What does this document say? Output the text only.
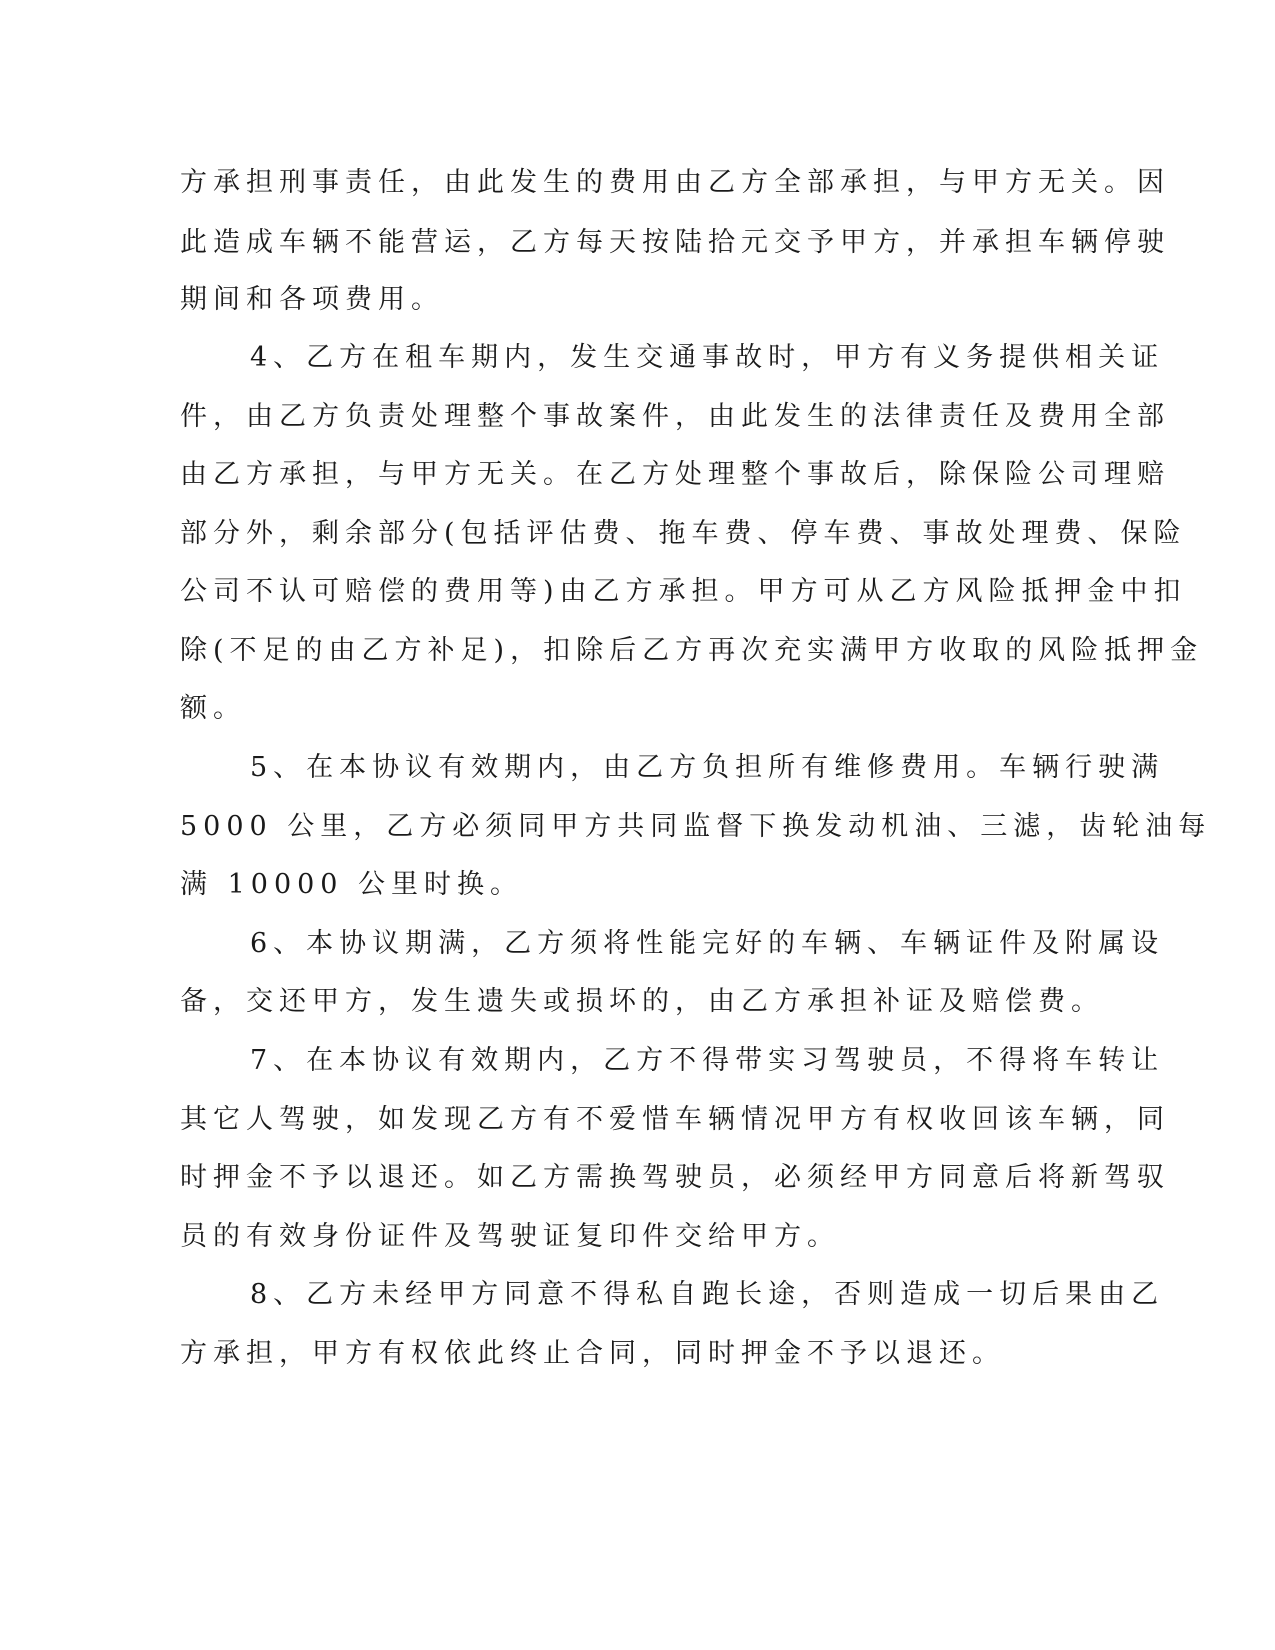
方承担刑事责任，由此发生的费用由乙方全部承担，与甲方无关。因
此造成车辆不能营运，乙方每天按陆拾元交予甲方，并承担车辆停驶
期间和各项费用。
4、乙方在租车期内，发生交通事故时，甲方有义务提供相关证
件，由乙方负责处理整个事故案件，由此发生的法律责任及费用全部
由乙方承担，与甲方无关。在乙方处理整个事故后，除保险公司理赔
部分外，剩余部分(包括评估费、拖车费、停车费、事故处理费、保险
公司不认可赔偿的费用等)由乙方承担。甲方可从乙方风险抵押金中扣
除(不足的由乙方补足)，扣除后乙方再次充实满甲方收取的风险抵押金
额。
5、在本协议有效期内，由乙方负担所有维修费用。车辆行驶满
5000 公里，乙方必须同甲方共同监督下换发动机油、三滤，齿轮油每
满 10000 公里时换。
6、本协议期满，乙方须将性能完好的车辆、车辆证件及附属设
备，交还甲方，发生遗失或损坏的，由乙方承担补证及赔偿费。
7、在本协议有效期内，乙方不得带实习驾驶员，不得将车转让
其它人驾驶，如发现乙方有不爱惜车辆情况甲方有权收回该车辆，同
时押金不予以退还。如乙方需换驾驶员，必须经甲方同意后将新驾驭
员的有效身份证件及驾驶证复印件交给甲方。
8、乙方未经甲方同意不得私自跑长途，否则造成一切后果由乙
方承担，甲方有权依此终止合同，同时押金不予以退还。
